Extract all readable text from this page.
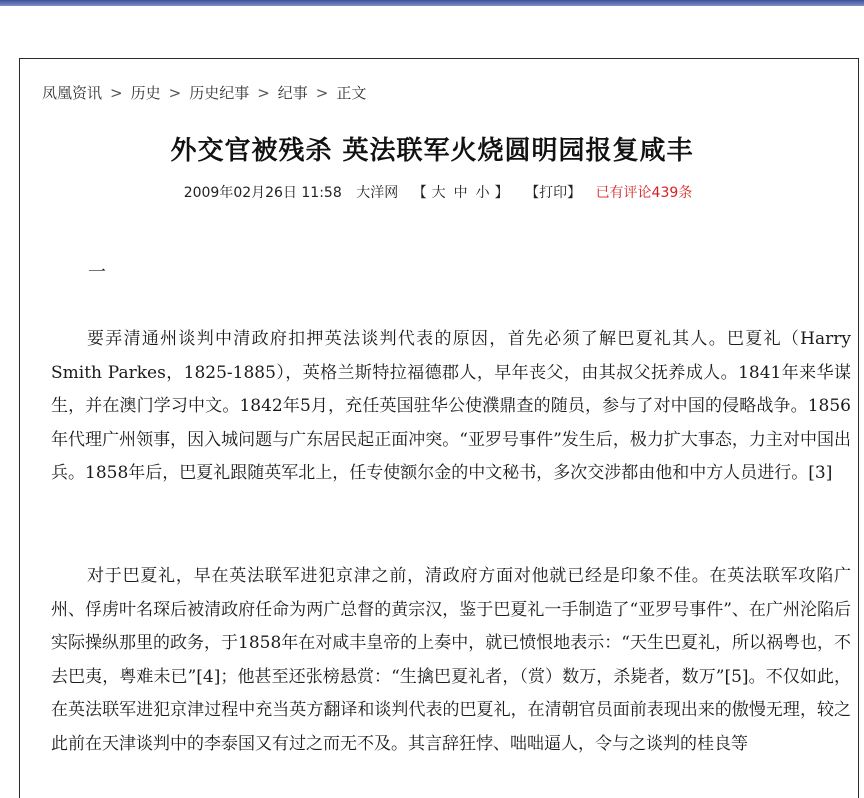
凤凰资讯 > 历史 > 历史纪事 > 纪事 > 正文
外交官被残杀 英法联军火烧圆明园报复咸丰
2009年02月26日 11:58 大洋网 【 大 中 小 】 【打印】 已有评论439条
一

要弄清通州谈判中清政府扣押英法谈判代表的原因，首先必须了解巴夏礼其人。巴夏礼（Harry Smith Parkes，1825-1885），英格兰斯特拉福德郡人，早年丧父，由其叔父抚养成人。1841年来华谋生，并在澳门学习中文。1842年5月，充任英国驻华公使濮鼎查的随员，参与了对中国的侵略战争。1856年代理广州领事，因入城问题与广东居民起正面冲突。“亚罗号事件”发生后，极力扩大事态，力主对中国出兵。1858年后，巴夏礼跟随英军北上，任专使额尔金的中文秘书，多次交涉都由他和中方人员进行。[3]

对于巴夏礼，早在英法联军进犯京津之前，清政府方面对他就已经是印象不佳。在英法联军攻陷广州、俘虏叶名琛后被清政府任命为两广总督的黄宗汉，鉴于巴夏礼一手制造了“亚罗号事件”、在广州沦陷后实际操纵那里的政务，于1858年在对咸丰皇帝的上奏中，就已愤恨地表示：“天生巴夏礼，所以祸粤也，不去巴夷，粤难未已”[4]；他甚至还张榜悬赏：“生擒巴夏礼者，（赏）数万，杀毙者，数万”[5]。不仅如此，在英法联军进犯京津过程中充当英方翻译和谈判代表的巴夏礼，在清朝官员面前表现出来的傲慢无理，较之此前在天津谈判中的李泰国又有过之而无不及。其言辞狂悖、咄咄逼人，令与之谈判的桂良等
